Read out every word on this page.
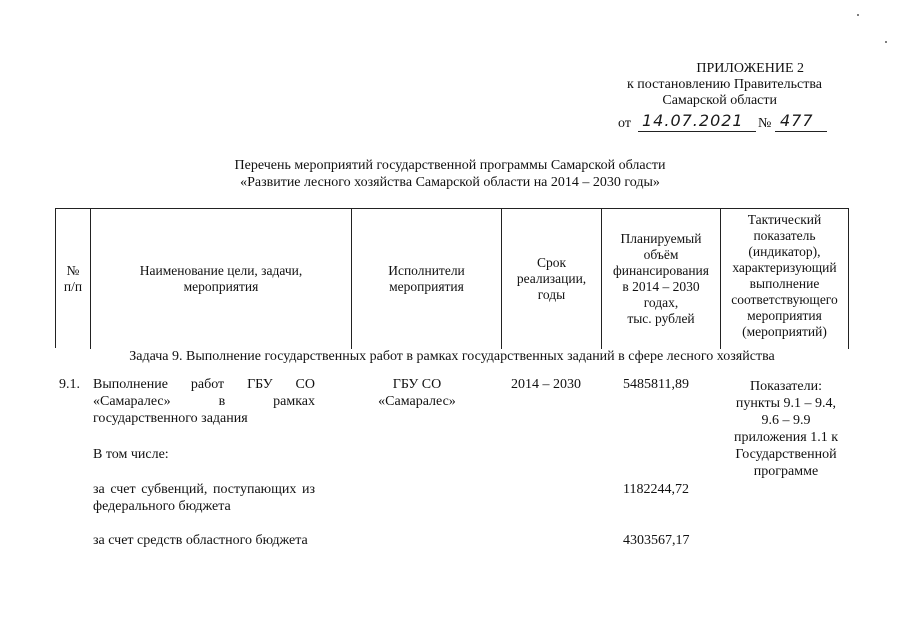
ПРИЛОЖЕНИЕ 2
к постановлению Правительства
Самарской области
от 14.07.2021 № 477
Перечень мероприятий государственной программы Самарской области
«Развитие лесного хозяйства Самарской области на 2014 – 2030 годы»
№
п/п
Наименование цели, задачи,
мероприятия
Исполнители
мероприятия
Срок
реализации,
годы
Планируемый
объём
финансирования
в 2014 – 2030
годах,
тыс. рублей
Тактический
показатель
(индикатор),
характеризующий
выполнение
соответствующего
мероприятия
(мероприятий)
Задача 9. Выполнение государственных работ в рамках государственных заданий в сфере лесного хозяйства
9.1. Выполнение работ ГБУ СО «Самаралес» в рамках государственного задания
В том числе:
за счет субвенций, поступающих из федерального бюджета
за счет средств областного бюджета
ГБУ СО
«Самаралес»
2014 – 2030	5485811,89
1182244,72
4303567,17
Показатели:
пункты 9.1 – 9.4,
9.6 – 9.9
приложения 1.1 к
Государственной
программе
